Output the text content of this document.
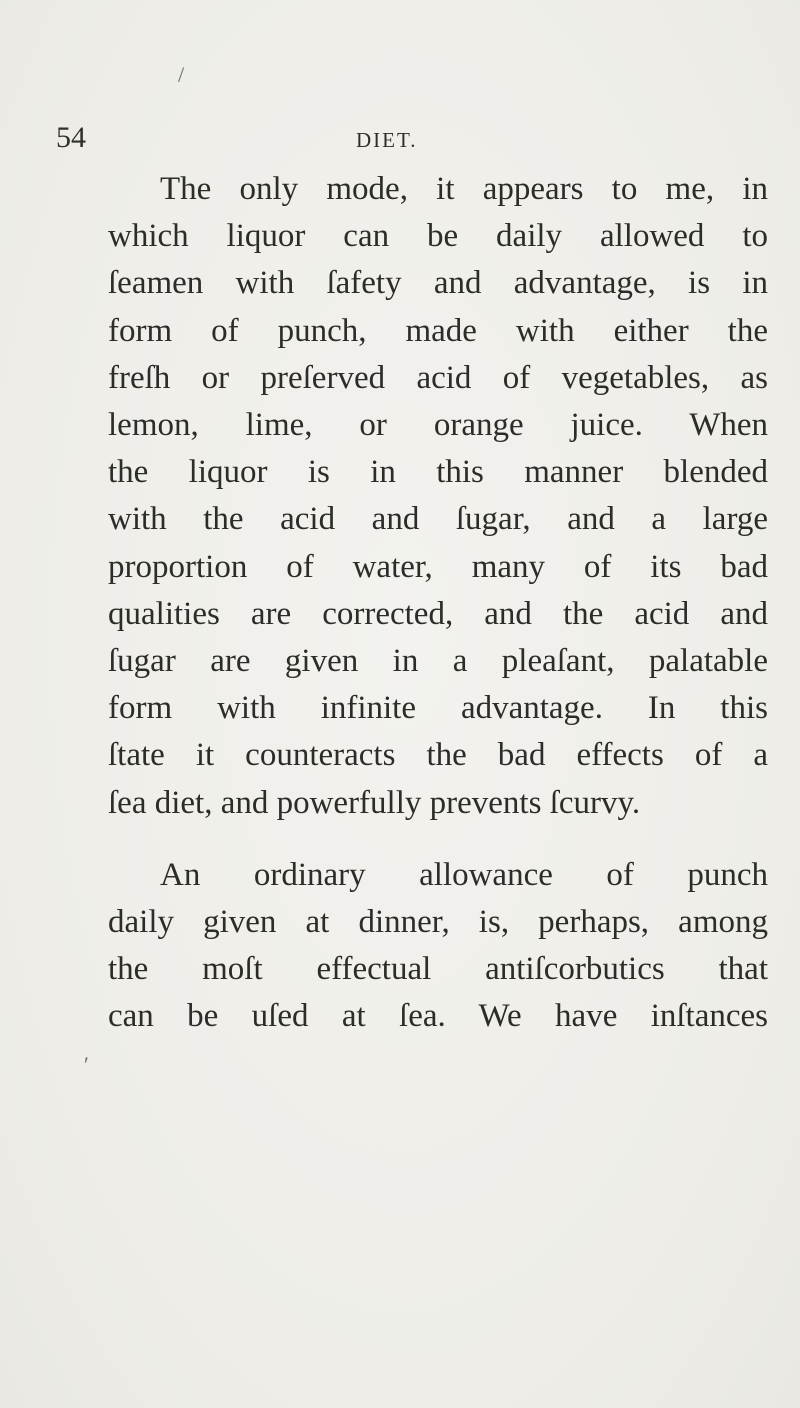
/
54	DIET.
The only mode, it appears to me, in
which liquor can be daily allowed to
ſeamen with ſafety and advantage, is in
form of punch, made with either the
freſh or preſerved acid of vegetables, as
lemon, lime, or orange juice. When
the liquor is in this manner blended
with the acid and ſugar, and a large
proportion of water, many of its bad
qualities are corrected, and the acid and
ſugar are given in a pleaſant, palatable
form with infinite advantage. In this
ſtate it counteracts the bad effects of a
ſea diet, and powerfully prevents ſcurvy.
An ordinary allowance of punch
daily given at dinner, is, perhaps, among
the moſt effectual antiſcorbutics that
can be uſed at ſea. We have inſtances
′
